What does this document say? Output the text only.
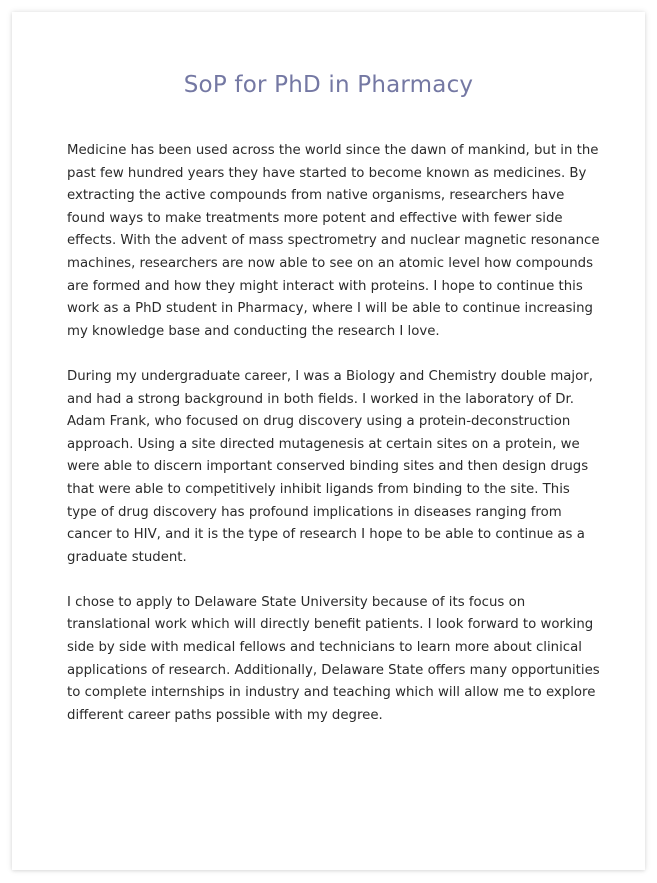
SoP for PhD in Pharmacy

Medicine has been used across the world since the dawn of mankind, but in the past few hundred years they have started to become known as medicines. By extracting the active compounds from native organisms, researchers have found ways to make treatments more potent and effective with fewer side effects. With the advent of mass spectrometry and nuclear magnetic resonance machines, researchers are now able to see on an atomic level how compounds are formed and how they might interact with proteins. I hope to continue this work as a PhD student in Pharmacy, where I will be able to continue increasing my knowledge base and conducting the research I love.

During my undergraduate career, I was a Biology and Chemistry double major, and had a strong background in both fields. I worked in the laboratory of Dr. Adam Frank, who focused on drug discovery using a protein-deconstruction approach. Using a site directed mutagenesis at certain sites on a protein, we were able to discern important conserved binding sites and then design drugs that were able to competitively inhibit ligands from binding to the site. This type of drug discovery has profound implications in diseases ranging from cancer to HIV, and it is the type of research I hope to be able to continue as a graduate student.

I chose to apply to Delaware State University because of its focus on translational work which will directly benefit patients. I look forward to working side by side with medical fellows and technicians to learn more about clinical applications of research. Additionally, Delaware State offers many opportunities to complete internships in industry and teaching which will allow me to explore different career paths possible with my degree.
